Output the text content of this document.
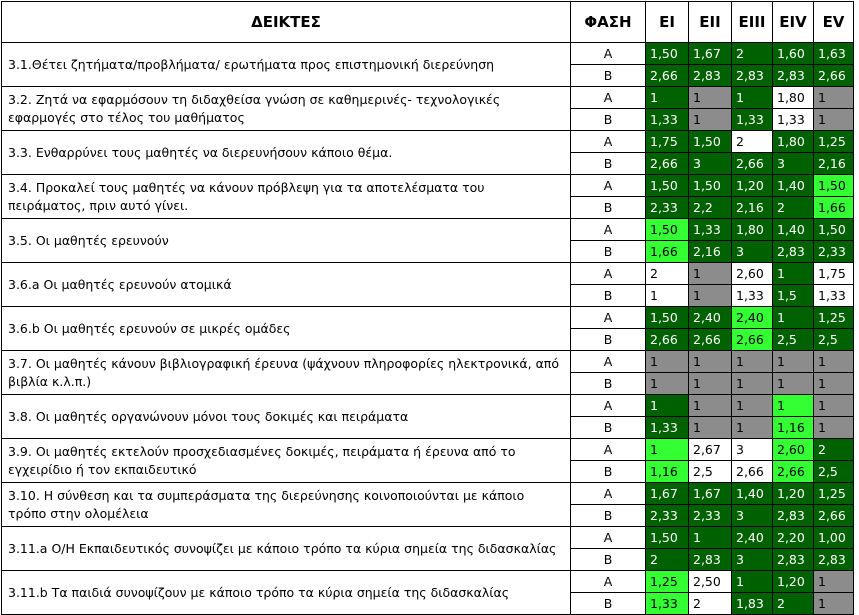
ΔΕΙΚΤΕΣ	ΦΑΣΗ	ΕΙ	ΕΙΙ	ΕΙΙΙ	ΕΙV	ΕV
3.1.Θέτει ζητήματα/προβλήματα/ ερωτήματα προς επιστημονική διερεύνηση	Α	1,50	1,67	2	1,60	1,63
	Β	2,66	2,83	2,83	2,83	2,66
3.2. Ζητά να εφαρμόσουν τη διδαχθείσα γνώση σε καθημερινές- τεχνολογικές εφαρμογές στο τέλος του μαθήματος	Α	1	1	1	1,80	1
	Β	1,33	1	1,33	1,33	1
3.3. Ενθαρρύνει τους μαθητές να διερευνήσουν κάποιο θέμα.	Α	1,75	1,50	2	1,80	1,25
	Β	2,66	3	2,66	3	2,16
3.4. Προκαλεί τους μαθητές να κάνουν πρόβλεψη για τα αποτελέσματα του πειράματος, πριν αυτό γίνει.	Α	1,50	1,50	1,20	1,40	1,50
	Β	2,33	2,2	2,16	2	1,66
3.5. Οι μαθητές ερευνούν	Α	1,50	1,33	1,80	1,40	1,50
	Β	1,66	2,16	3	2,83	2,33
3.6.a Οι μαθητές ερευνούν ατομικά	Α	2	1	2,60	1	1,75
	Β	1	1	1,33	1,5	1,33
3.6.b Οι μαθητές ερευνούν σε μικρές ομάδες	Α	1,50	2,40	2,40	1	1,25
	Β	2,66	2,66	2,66	2,5	2,5
3.7. Οι μαθητές κάνουν βιβλιογραφική έρευνα (ψάχνουν πληροφορίες ηλεκτρονικά, από βιβλία κ.λ.π.)	Α	1	1	1	1	1
	Β	1	1	1	1	1
3.8. Οι μαθητές οργανώνουν μόνοι τους δοκιμές και πειράματα	Α	1	1	1	1	1
	Β	1,33	1	1	1,16	1
3.9. Οι μαθητές εκτελούν προσχεδιασμένες δοκιμές, πειράματα ή έρευνα από το εγχειρίδιο ή τον εκπαιδευτικό	Α	1	2,67	3	2,60	2
	Β	1,16	2,5	2,66	2,66	2,5
3.10. Η σύνθεση και τα συμπεράσματα της διερεύνησης κοινοποιούνται με κάποιο τρόπο στην ολομέλεια	Α	1,67	1,67	1,40	1,20	1,25
	Β	2,33	2,33	3	2,83	2,66
3.11.a Ο/Η Εκπαιδευτικός συνοψίζει με κάποιο τρόπο τα κύρια σημεία της διδασκαλίας	Α	1,50	1	2,40	2,20	1,00
	Β	2	2,83	3	2,83	2,83
3.11.b Τα παιδιά συνοψίζουν με κάποιο τρόπο τα κύρια σημεία της διδασκαλίας	Α	1,25	2,50	1	1,20	1
	Β	1,33	2	1,83	2	1
